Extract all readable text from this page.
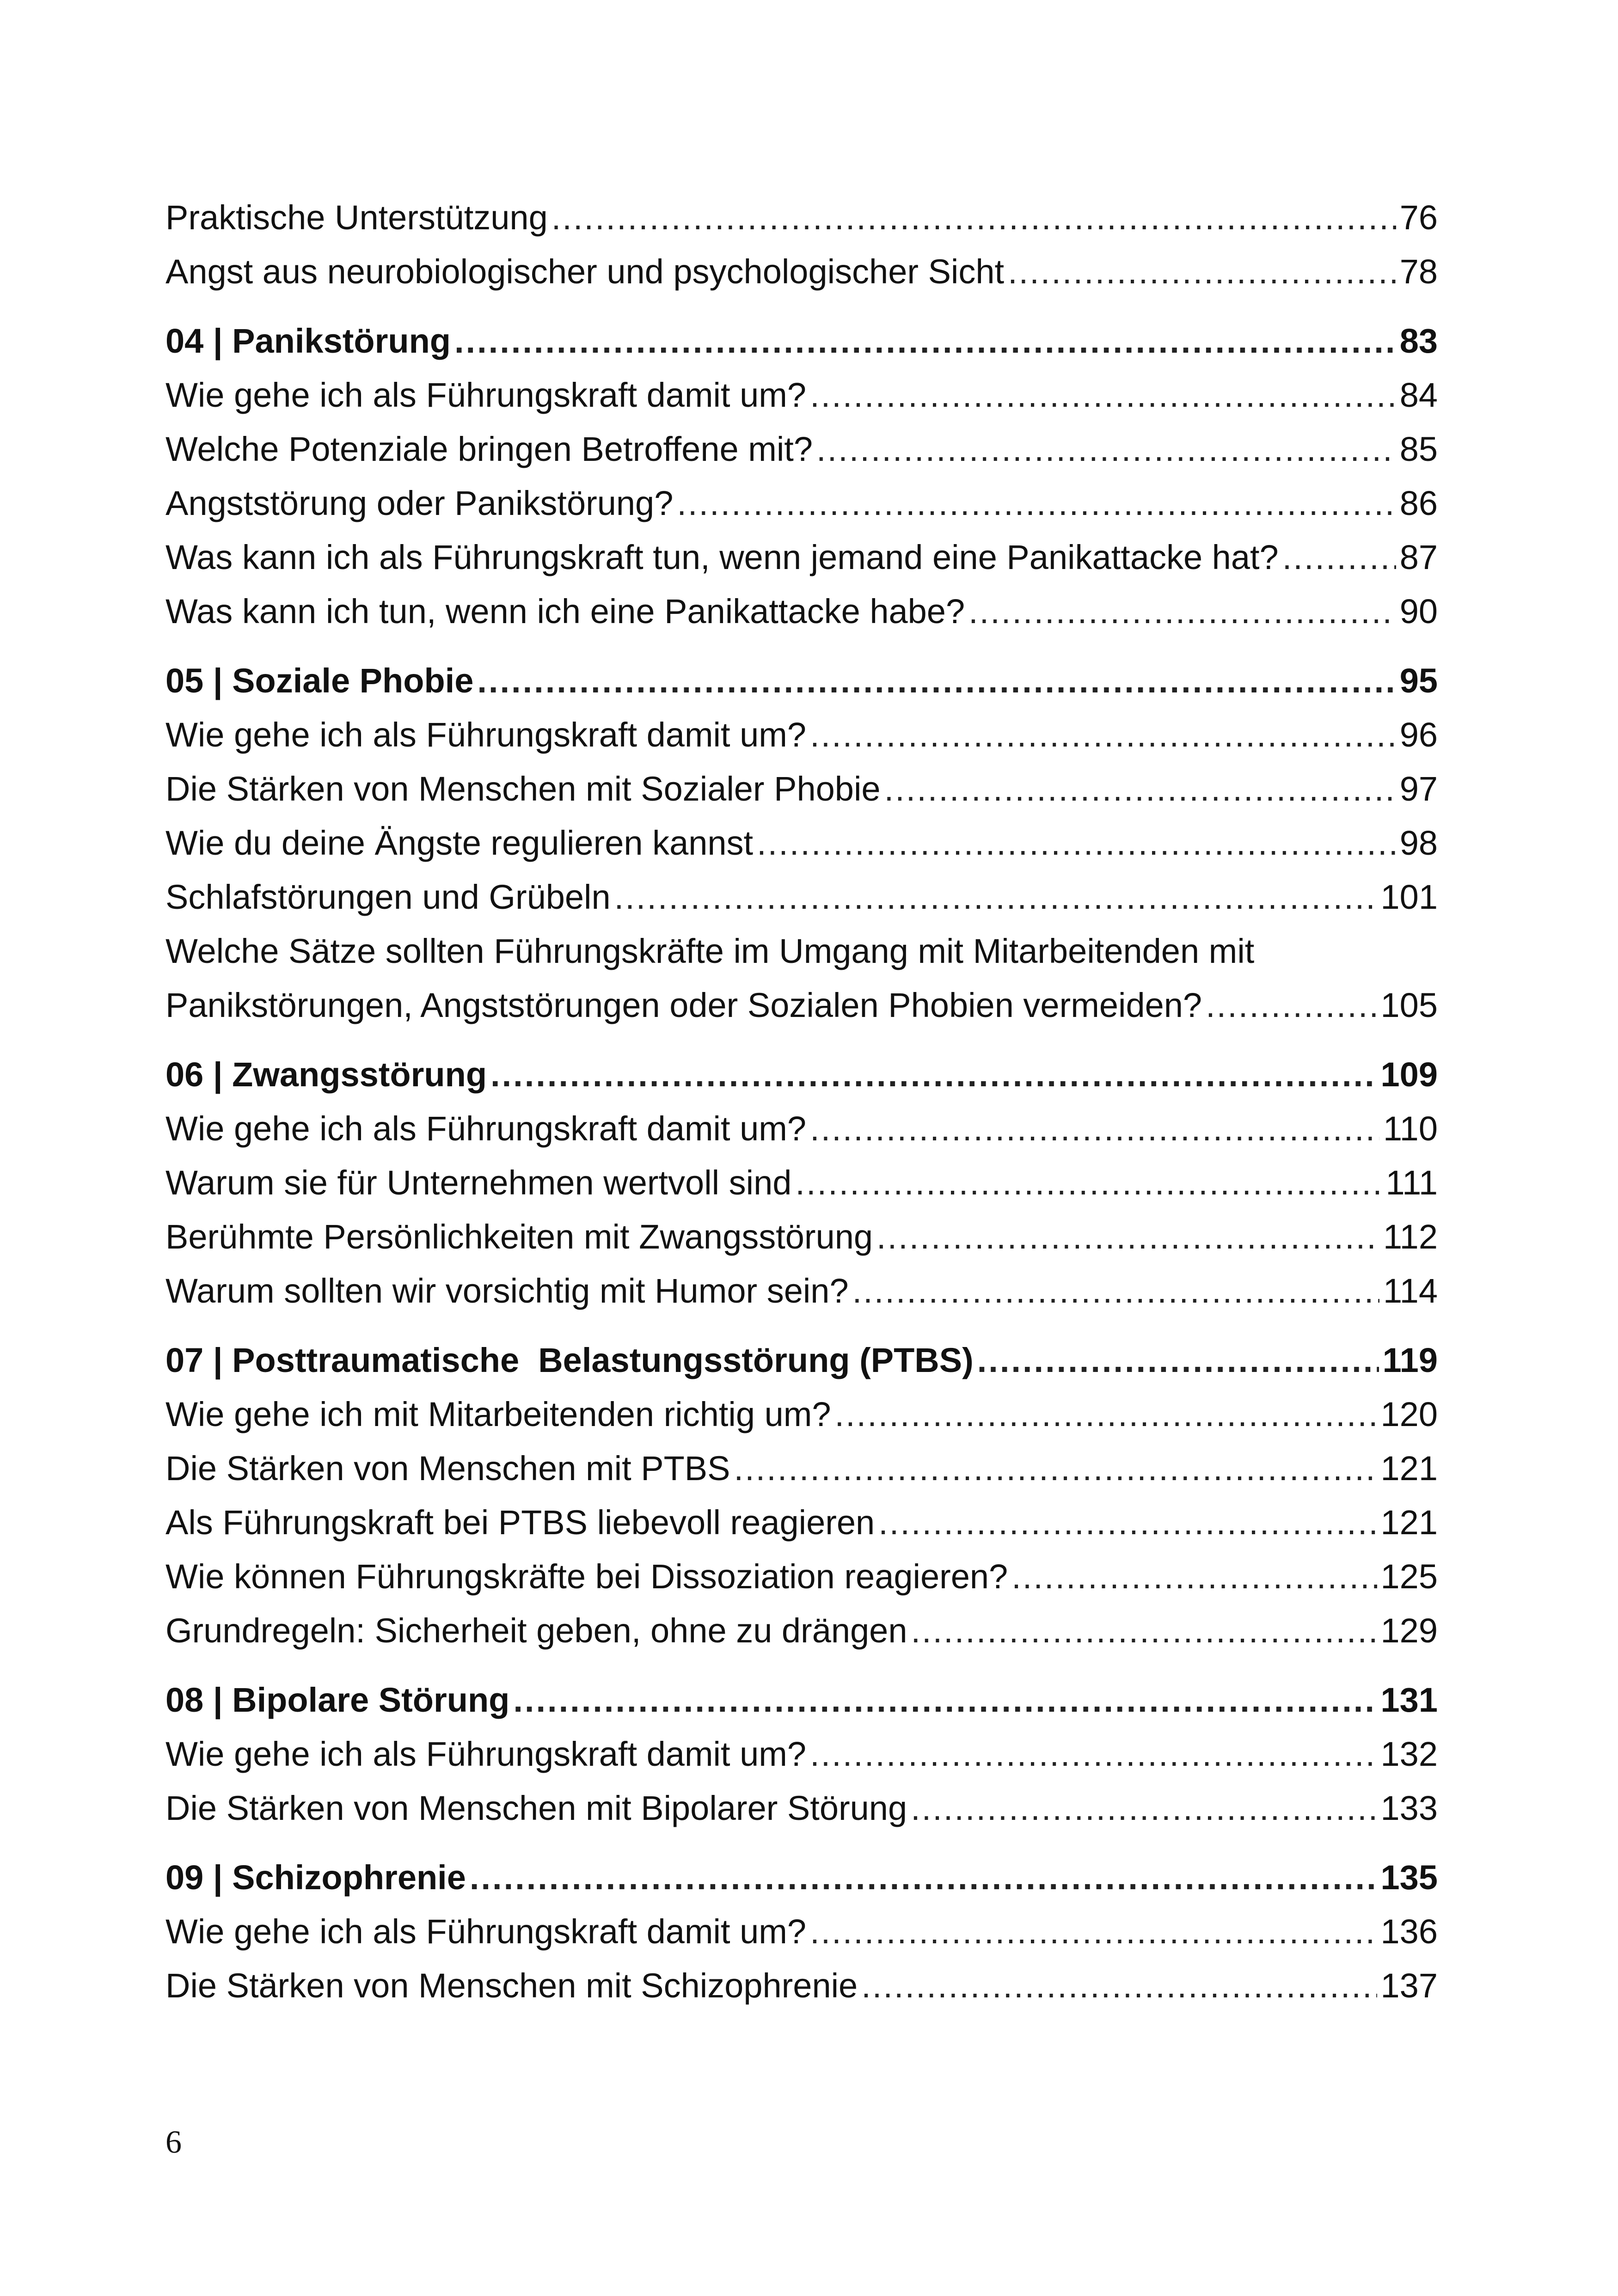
Praktische Unterstützung .....	76
Angst aus neurobiologischer und psychologischer Sicht .....	78
04 | Panikstörung .....	83
Wie gehe ich als Führungskraft damit um? .....	84
Welche Potenziale bringen Betroffene mit? .....	85
Angststörung oder Panikstörung? .....	86
Was kann ich als Führungskraft tun, wenn jemand eine Panikattacke hat? .....	87
Was kann ich tun, wenn ich eine Panikattacke habe? .....	90
05 | Soziale Phobie .....	95
Wie gehe ich als Führungskraft damit um? .....	96
Die Stärken von Menschen mit Sozialer Phobie .....	97
Wie du deine Ängste regulieren kannst .....	98
Schlafstörungen und Grübeln .....	101
Welche Sätze sollten Führungskräfte im Umgang mit Mitarbeitenden mit
Panikstörungen, Angststörungen oder Sozialen Phobien vermeiden? .....	105
06 | Zwangsstörung .....	109
Wie gehe ich als Führungskraft damit um? .....	110
Warum sie für Unternehmen wertvoll sind .....	111
Berühmte Persönlichkeiten mit Zwangsstörung .....	112
Warum sollten wir vorsichtig mit Humor sein? .....	114
07 | Posttraumatische  Belastungsstörung (PTBS) .....	119
Wie gehe ich mit Mitarbeitenden richtig um? .....	120
Die Stärken von Menschen mit PTBS .....	121
Als Führungskraft bei PTBS liebevoll reagieren .....	121
Wie können Führungskräfte bei Dissoziation reagieren? .....	125
Grundregeln: Sicherheit geben, ohne zu drängen .....	129
08 | Bipolare Störung .....	131
Wie gehe ich als Führungskraft damit um? .....	132
Die Stärken von Menschen mit Bipolarer Störung .....	133
09 | Schizophrenie .....	135
Wie gehe ich als Führungskraft damit um? .....	136
Die Stärken von Menschen mit Schizophrenie .....	137
6
